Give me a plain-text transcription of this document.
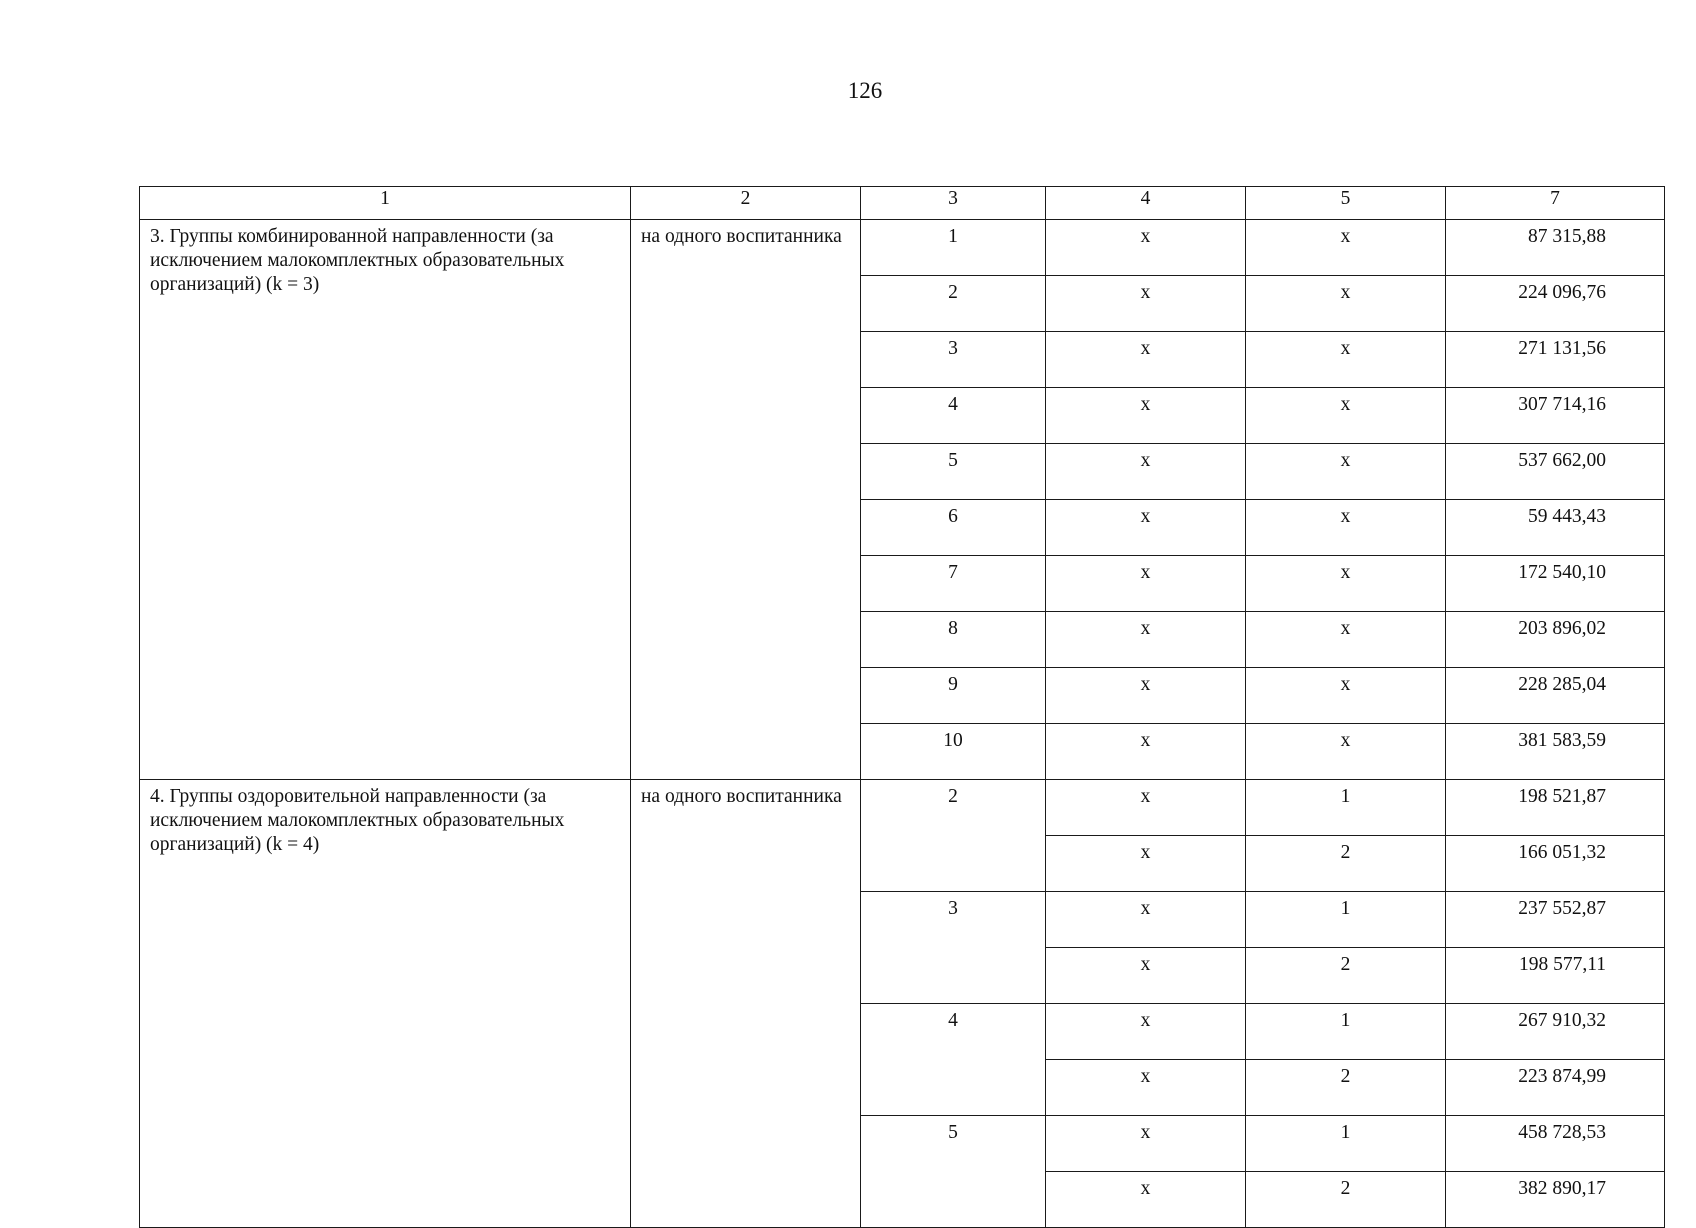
126
1	2	3	4	5	7
3. Группы комбинированной направленности (за исключением малокомплектных образовательных организаций) (k = 3)	на одного воспитанника	1	x	x	87 315,88
		2	x	x	224 096,76
		3	x	x	271 131,56
		4	x	x	307 714,16
		5	x	x	537 662,00
		6	x	x	59 443,43
		7	x	x	172 540,10
		8	x	x	203 896,02
		9	x	x	228 285,04
		10	x	x	381 583,59
4. Группы оздоровительной направленности (за исключением малокомплектных образовательных организаций) (k = 4)	на одного воспитанника	2	x	1	198 521,87
			x	2	166 051,32
		3	x	1	237 552,87
			x	2	198 577,11
		4	x	1	267 910,32
			x	2	223 874,99
		5	x	1	458 728,53
			x	2	382 890,17
